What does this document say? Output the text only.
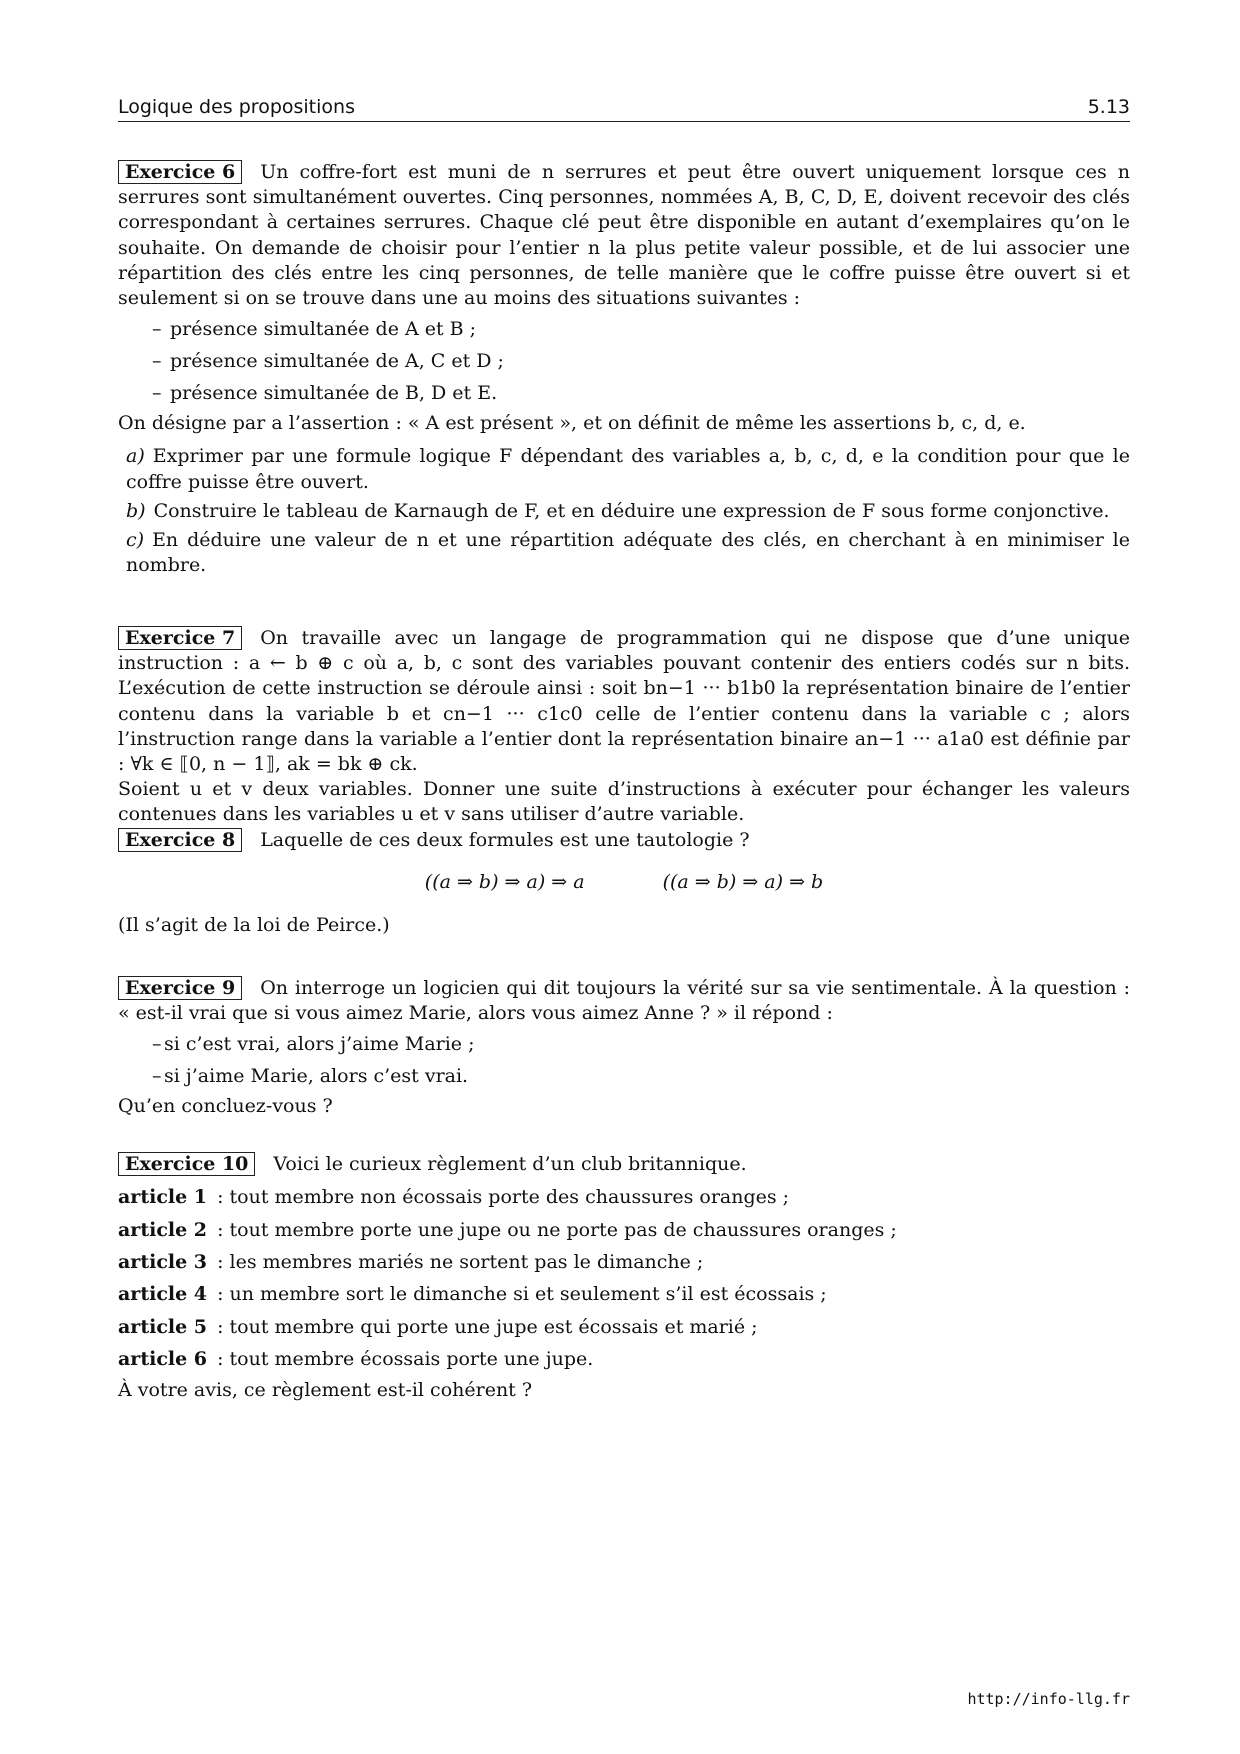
Logique des propositions	5.13

Exercice 6 Un coffre-fort est muni de n serrures et peut être ouvert uniquement lorsque ces n serrures sont simultanément ouvertes. Cinq personnes, nommées A, B, C, D, E, doivent recevoir des clés correspondant à certaines serrures. Chaque clé peut être disponible en autant d’exemplaires qu’on le souhaite. On demande de choisir pour l’entier n la plus petite valeur possible, et de lui associer une répartition des clés entre les cinq personnes, de telle manière que le coffre puisse être ouvert si et seulement si on se trouve dans une au moins des situations suivantes :

– présence simultanée de A et B ;
– présence simultanée de A, C et D ;
– présence simultanée de B, D et E.

On désigne par a l’assertion : « A est présent », et on définit de même les assertions b, c, d, e.

a) Exprimer par une formule logique F dépendant des variables a, b, c, d, e la condition pour que le coffre puisse être ouvert.

b) Construire le tableau de Karnaugh de F, et en déduire une expression de F sous forme conjonctive.

c) En déduire une valeur de n et une répartition adéquate des clés, en cherchant à en minimiser le nombre.

Exercice 7 On travaille avec un langage de programmation qui ne dispose que d’une unique instruction : a ← b ⊕ c où a, b, c sont des variables pouvant contenir des entiers codés sur n bits. L’exécution de cette instruction se déroule ainsi : soit bn−1 ··· b1b0 la représentation binaire de l’entier contenu dans la variable b et cn−1 ··· c1c0 celle de l’entier contenu dans la variable c ; alors l’instruction range dans la variable a l’entier dont la représentation binaire an−1 ··· a1a0 est définie par : ∀k ∈ ⟦0, n − 1⟧, ak = bk ⊕ ck.

Soient u et v deux variables. Donner une suite d’instructions à exécuter pour échanger les valeurs contenues dans les variables u et v sans utiliser d’autre variable.

Exercice 8 Laquelle de ces deux formules est une tautologie ?

((a ⇒ b) ⇒ a) ⇒ a	((a ⇒ b) ⇒ a) ⇒ b

(Il s’agit de la loi de Peirce.)

Exercice 9 On interroge un logicien qui dit toujours la vérité sur sa vie sentimentale. À la question : « est-il vrai que si vous aimez Marie, alors vous aimez Anne ? » il répond :

– si c’est vrai, alors j’aime Marie ;
– si j’aime Marie, alors c’est vrai.

Qu’en concluez-vous ?

Exercice 10 Voici le curieux règlement d’un club britannique.

article 1 : tout membre non écossais porte des chaussures oranges ;
article 2 : tout membre porte une jupe ou ne porte pas de chaussures oranges ;
article 3 : les membres mariés ne sortent pas le dimanche ;
article 4 : un membre sort le dimanche si et seulement s’il est écossais ;
article 5 : tout membre qui porte une jupe est écossais et marié ;
article 6 : tout membre écossais porte une jupe.

À votre avis, ce règlement est-il cohérent ?

http://info-llg.fr
